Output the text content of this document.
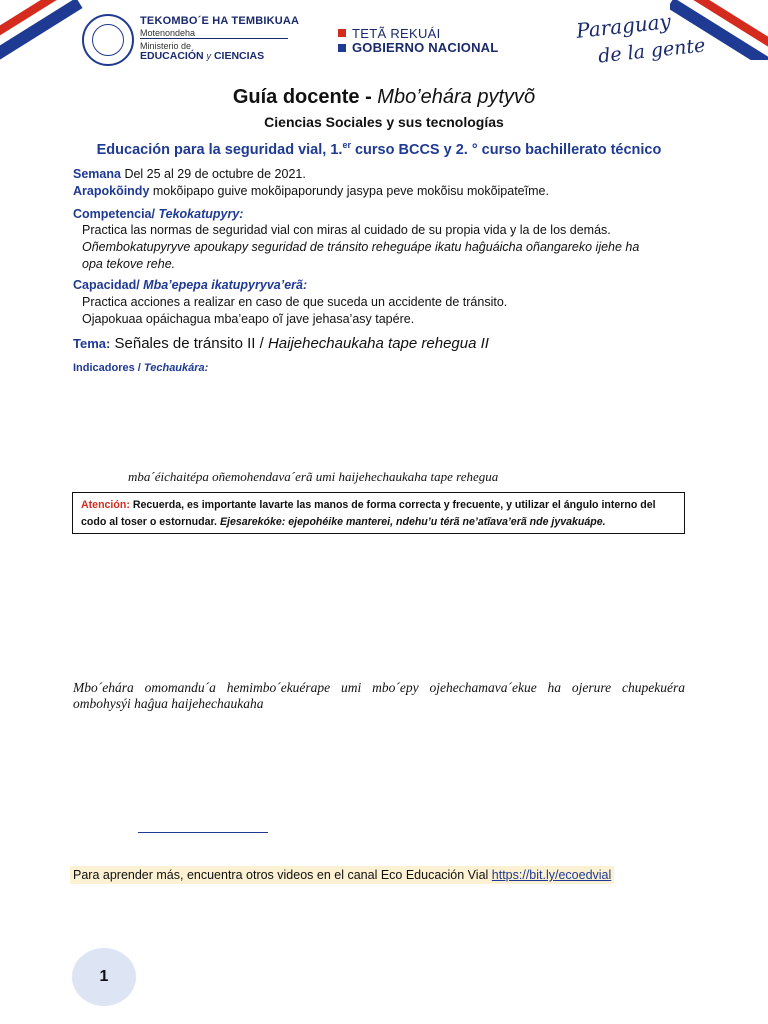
TEKOMBO´E HA TEMBIKUAA
Motenondeha
Ministerio de
EDUCACIÓN y CIENCIAS
TETÃ REKUÁI
GOBIERNO NACIONAL
Paraguay
de la gente
Guía docente - Mbo’ehára pytyvõ
Ciencias Sociales y sus tecnologías
Educación para la seguridad vial, 1.$^{er}$ curso BCCS y 2. ° curso bachillerato técnico
Semana Del 25 al 29 de octubre de 2021.
Arapokõindy mokõipapo guive mokõipaporundy jasypa peve mokõisu mokõipateĩme.
Competencia/ Tekokatupyry:
Practica las normas de seguridad vial con miras al cuidado de su propia vida y la de los demás.
Oñembokatupyryve apoukapy seguridad de tránsito reheguápe ikatu haĝuáicha oñangareko ijehe ha
opa tekove rehe.
Capacidad/ Mba’epepa ikatupyryva’erã:
Practica acciones a realizar en caso de que suceda un accidente de tránsito.
Ojapokuaa opáichagua mba’eapo oĩ jave jehasa’asy tapére.
Tema: Señales de tránsito II / Haijehechaukaha tape rehegua II
Indicadores / Techaukára:
mba´éichaitépa oñemohendava´erã umi haijehechaukaha tape rehegua
Atención: Recuerda, es importante lavarte las manos de forma correcta y frecuente, y utilizar el ángulo interno del codo al toser o estornudar. Ejesarekóke: ejepohéike manterei, ndehu’u térã ne’atĩava’erã nde jyvakuápe.
Mbo´ehára omomandu´a hemimbo´ekuérape umi mbo´epy ojehechamava´ekue ha ojerure chupekuéra ombohysýi haĝua haijehechaukaha
Para aprender más, encuentra otros videos en el canal Eco Educación Vial https://bit.ly/ecoedvial
1
